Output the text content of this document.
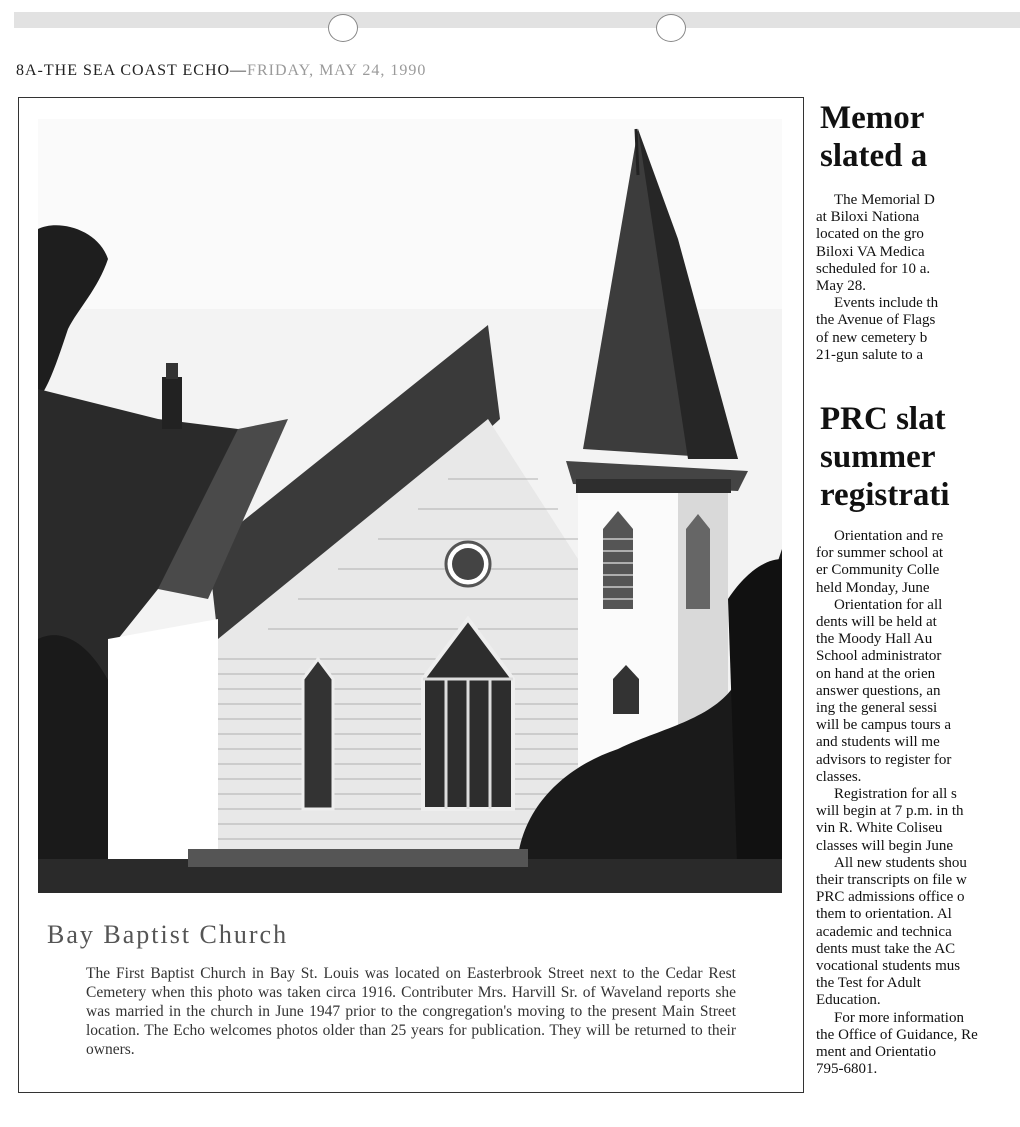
8A-THE SEA COAST ECHO—FRIDAY, MAY 24, 1990
Bay Baptist Church
The First Baptist Church in Bay St. Louis was located on Easterbrook Street next to the Cedar Rest Cemetery when this photo was taken circa 1916. Contributer Mrs. Harvill Sr. of Waveland reports she was married in the church in June 1947 prior to the congregation's moving to the present Main Street location. The Echo welcomes photos older than 25 years for publication. They will be returned to their owners.
Memor
slated a
The Memorial D
at Biloxi Nationa
located on the gro
Biloxi VA Medica
scheduled for 10 a.
May 28.
Events include th
the Avenue of Flags
of new cemetery b
21-gun salute to a
PRC slat
summer
registrati
Orientation and re
for summer school at
er Community Colle
held Monday, June
Orientation for all
dents will be held at
the Moody Hall Au
School administrator
on hand at the orien
answer questions, an
ing the general sessi
will be campus tours a
and students will me
advisors to register for
classes.
Registration for all s
will begin at 7 p.m. in th
vin R. White Coliseu
classes will begin June
All new students shou
their transcripts on file w
PRC admissions office o
them to orientation. Al
academic and technica
dents must take the AC
vocational students mus
the Test for Adult
Education.
For more information
the Office of Guidance, Re
ment and Orientatio
795-6801.
